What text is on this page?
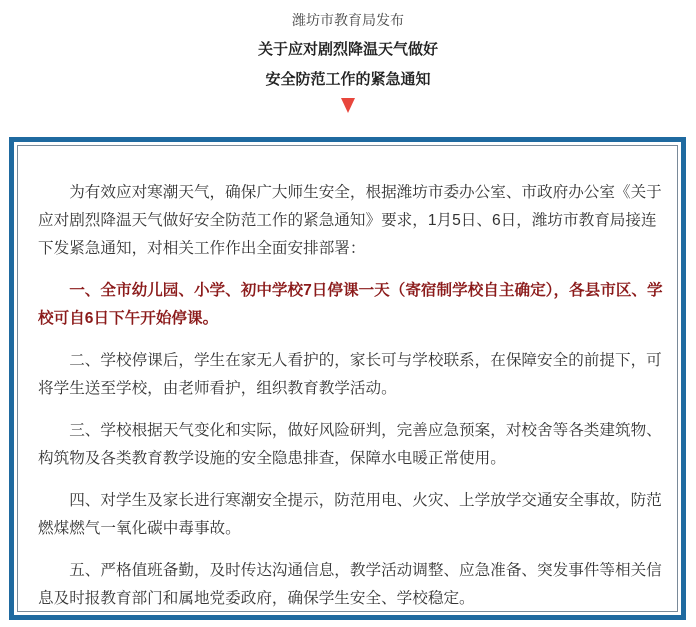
潍坊市教育局发布
关于应对剧烈降温天气做好
安全防范工作的紧急通知

为有效应对寒潮天气，确保广大师生安全，根据潍坊市委办公室、市政府办公室《关于应对剧烈降温天气做好安全防范工作的紧急通知》要求，1月5日、6日，潍坊市教育局接连下发紧急通知，对相关工作作出全面安排部署：

一、全市幼儿园、小学、初中学校7日停课一天（寄宿制学校自主确定），各县市区、学校可自6日下午开始停课。

二、学校停课后，学生在家无人看护的，家长可与学校联系，在保障安全的前提下，可将学生送至学校，由老师看护，组织教育教学活动。

三、学校根据天气变化和实际，做好风险研判，完善应急预案，对校舍等各类建筑物、构筑物及各类教育教学设施的安全隐患排查，保障水电暖正常使用。

四、对学生及家长进行寒潮安全提示，防范用电、火灾、上学放学交通安全事故，防范燃煤燃气一氧化碳中毒事故。

五、严格值班备勤，及时传达沟通信息，教学活动调整、应急准备、突发事件等相关信息及时报教育部门和属地党委政府，确保学生安全、学校稳定。
